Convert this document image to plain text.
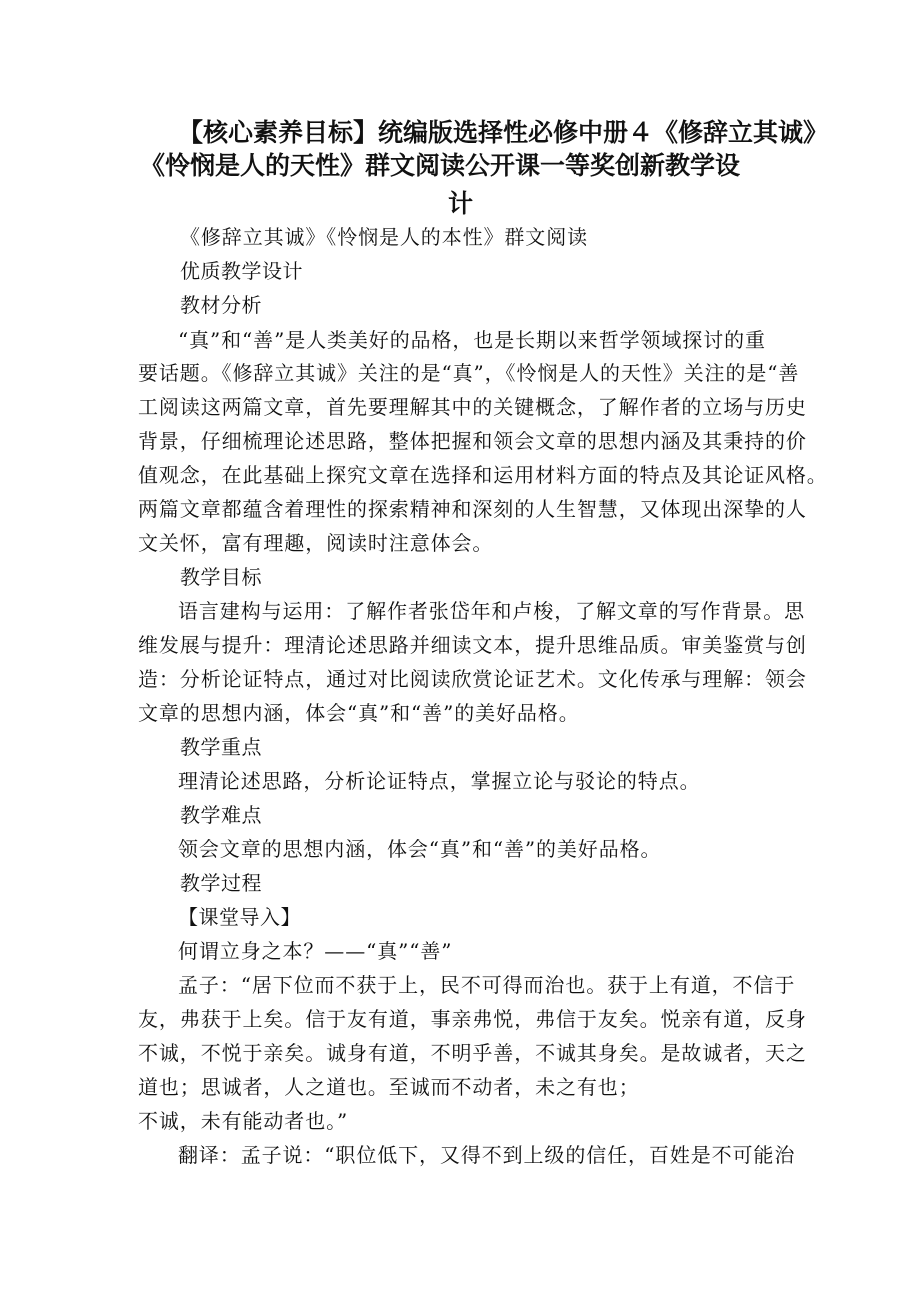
【核心素养目标】统编版选择性必修中册４《修辞立其诚》
《怜悯是人的天性》群文阅读公开课一等奖创新教学设
计
《修辞立其诚》《怜悯是人的本性》群文阅读
优质教学设计
教材分析
“真”和“善”是人类美好的品格，也是长期以来哲学领域探讨的重
要话题。《修辞立其诚》关注的是“真”，《怜悯是人的天性》关注的是“善
工阅读这两篇文章，首先要理解其中的关键概念，了解作者的立场与历史
背景，仔细梳理论述思路，整体把握和领会文章的思想内涵及其秉持的价
值观念，在此基础上探究文章在选择和运用材料方面的特点及其论证风格。
两篇文章都蕴含着理性的探索精神和深刻的人生智慧，又体现出深挚的人
文关怀，富有理趣，阅读时注意体会。
教学目标
语言建构与运用：了解作者张岱年和卢梭，了解文章的写作背景。思
维发展与提升：理清论述思路并细读文本，提升思维品质。审美鉴赏与创
造：分析论证特点，通过对比阅读欣赏论证艺术。文化传承与理解：领会
文章的思想内涵，体会“真”和“善”的美好品格。
教学重点
理清论述思路，分析论证特点，掌握立论与驳论的特点。
教学难点
领会文章的思想内涵，体会“真”和“善”的美好品格。
教学过程
【课堂导入】
何谓立身之本？——“真”“善”
孟子：“居下位而不获于上，民不可得而治也。获于上有道，不信于
友，弗获于上矣。信于友有道，事亲弗悦，弗信于友矣。悦亲有道，反身
不诚，不悦于亲矣。诚身有道，不明乎善，不诚其身矣。是故诚者，天之
道也；思诚者，人之道也。至诚而不动者，未之有也；
不诚，未有能动者也。”
翻译：孟子说：“职位低下，又得不到上级的信任，百姓是不可能治
